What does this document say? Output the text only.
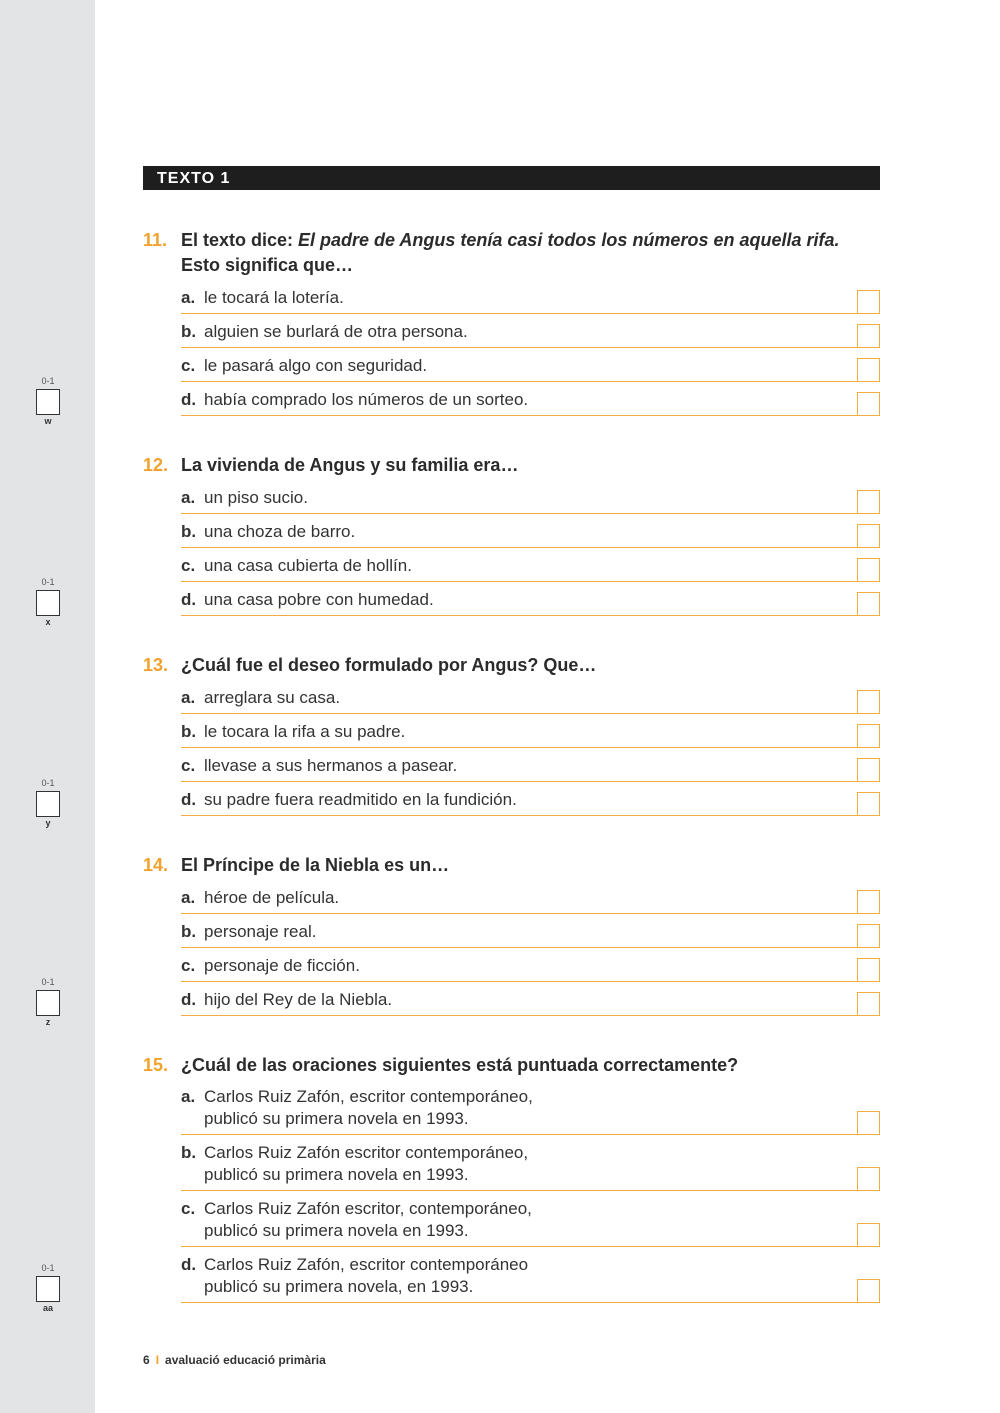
0-1
w
0-1
x
0-1
y
0-1
z
0-1
aa
TEXTO 1
11. El texto dice: El padre de Angus tenía casi todos los números en aquella rifa. Esto significa que…
a. le tocará la lotería.
b. alguien se burlará de otra persona.
c. le pasará algo con seguridad.
d. había comprado los números de un sorteo.
12. La vivienda de Angus y su familia era…
a. un piso sucio.
b. una choza de barro.
c. una casa cubierta de hollín.
d. una casa pobre con humedad.
13. ¿Cuál fue el deseo formulado por Angus? Que…
a. arreglara su casa.
b. le tocara la rifa a su padre.
c. llevase a sus hermanos a pasear.
d. su padre fuera readmitido en la fundición.
14. El Príncipe de la Niebla es un…
a. héroe de película.
b. personaje real.
c. personaje de ficción.
d. hijo del Rey de la Niebla.
15. ¿Cuál de las oraciones siguientes está puntuada correctamente?
a. Carlos Ruiz Zafón, escritor contemporáneo,
publicó su primera novela en 1993.
b. Carlos Ruiz Zafón escritor contemporáneo,
publicó su primera novela en 1993.
c. Carlos Ruiz Zafón escritor, contemporáneo,
publicó su primera novela en 1993.
d. Carlos Ruiz Zafón, escritor contemporáneo
publicó su primera novela, en 1993.
6 I avaluació educació primària
